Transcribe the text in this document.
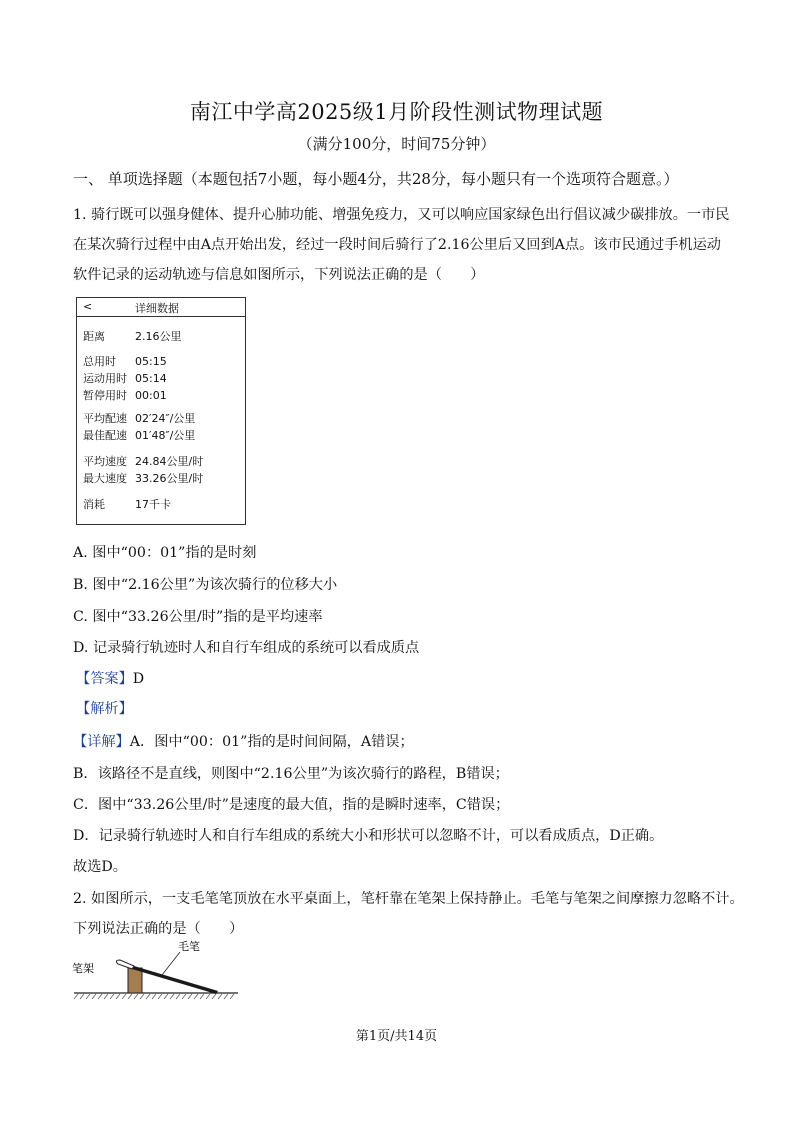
南江中学高2025级1月阶段性测试物理试题
（满分100分，时间75分钟）
一、 单项选择题（本题包括7小题，每小题4分，共28分，每小题只有一个选项符合题意。）
1. 骑行既可以强身健体、提升心肺功能、增强免疫力，又可以响应国家绿色出行倡议减少碳排放。一市民
在某次骑行过程中由A点开始出发，经过一段时间后骑行了2.16公里后又回到A点。该市民通过手机运动
软件记录的运动轨迹与信息如图所示，下列说法正确的是（　　）
<	详细数据
距离	2.16公里
总用时 05:15
运动用时 05:14
暂停用时 00:01
平均配速 02′24″/公里
最佳配速 01′48″/公里
平均速度 24.84公里/时
最大速度 33.26公里/时
消耗	17千卡
A. 图中“00：01”指的是时刻
B. 图中“2.16公里”为该次骑行的位移大小
C. 图中“33.26公里/时”指的是平均速率
D. 记录骑行轨迹时人和自行车组成的系统可以看成质点
【答案】D
【解析】
【详解】A．图中“00：01”指的是时间间隔，A错误；
B．该路径不是直线，则图中“2.16公里”为该次骑行的路程，B错误；
C．图中“33.26公里/时”是速度的最大值，指的是瞬时速率，C错误；
D．记录骑行轨迹时人和自行车组成的系统大小和形状可以忽略不计，可以看成质点，D正确。
故选D。
2. 如图所示，一支毛笔笔顶放在水平桌面上，笔杆靠在笔架上保持静止。毛笔与笔架之间摩擦力忽略不计。
下列说法正确的是（　　）
毛笔
笔架
第1页/共14页
